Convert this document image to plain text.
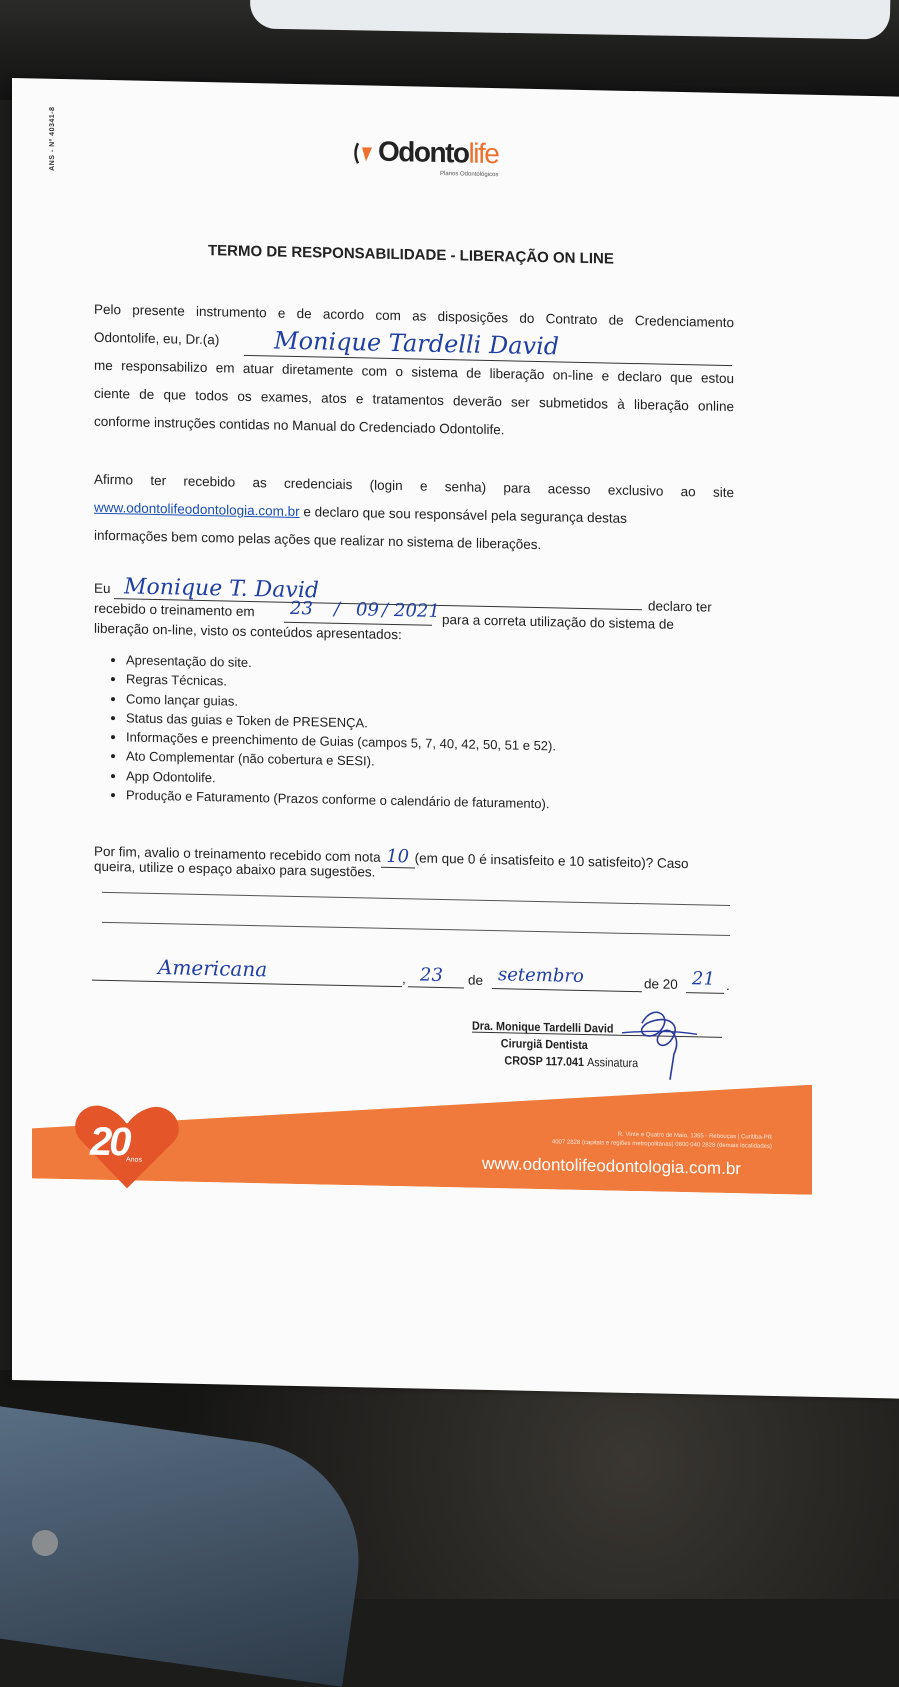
ANS - Nº 40341-8	Odontolife
Planos Odontológicos
TERMO DE RESPONSABILIDADE - LIBERAÇÃO ON LINE
Pelo presente instrumento e de acordo com as disposições do Contrato de Credenciamento
Odontolife, eu, Dr.(a)	Monique Tardelli David
me responsabilizo em atuar diretamente com o sistema de liberação on-line e declaro que estou
ciente de que todos os exames, atos e tratamentos deverão ser submetidos à liberação online
conforme instruções contidas no Manual do Credenciado Odontolife.
Afirmo ter recebido as credenciais (login e senha) para acesso exclusivo ao site
www.odontolifeodontologia.com.br e declaro que sou responsável pela segurança destas
informações bem como pelas ações que realizar no sistema de liberações.
Eu Monique T. David
declaro ter
recebido o treinamento em	23 / 09 / 2021 para a correta utilização do sistema de
liberação on-line, visto os conteúdos apresentados:
• Apresentação do site.
• Regras Técnicas.
• Como lançar guias.
• Status das guias e Token de PRESENÇA.
• Informações e preenchimento de Guias (campos 5, 7, 40, 42, 50, 51 e 52).
• Ato Complementar (não cobertura e SESI).
• App Odontolife.
• Produção e Faturamento (Prazos conforme o calendário de faturamento).
Por fim, avalio o treinamento recebido com nota 10 (em que 0 é insatisfeito e 10 satisfeito)? Caso
queira, utilize o espaço abaixo para sugestões.
Americana	, 23 de setembro	de 20 21 .
Dra. Monique Tardelli David
Cirurgiã Dentista
CROSP 117.041 Assinatura
20
Anos
R. Vinte e Quatro de Maio, 1365 - Rebouças | Curitiba-PR
4007 2828 (capitais e regiões metropolitanas) 0800 040 2828 (demais localidades)
www.odontolifeodontologia.com.br
